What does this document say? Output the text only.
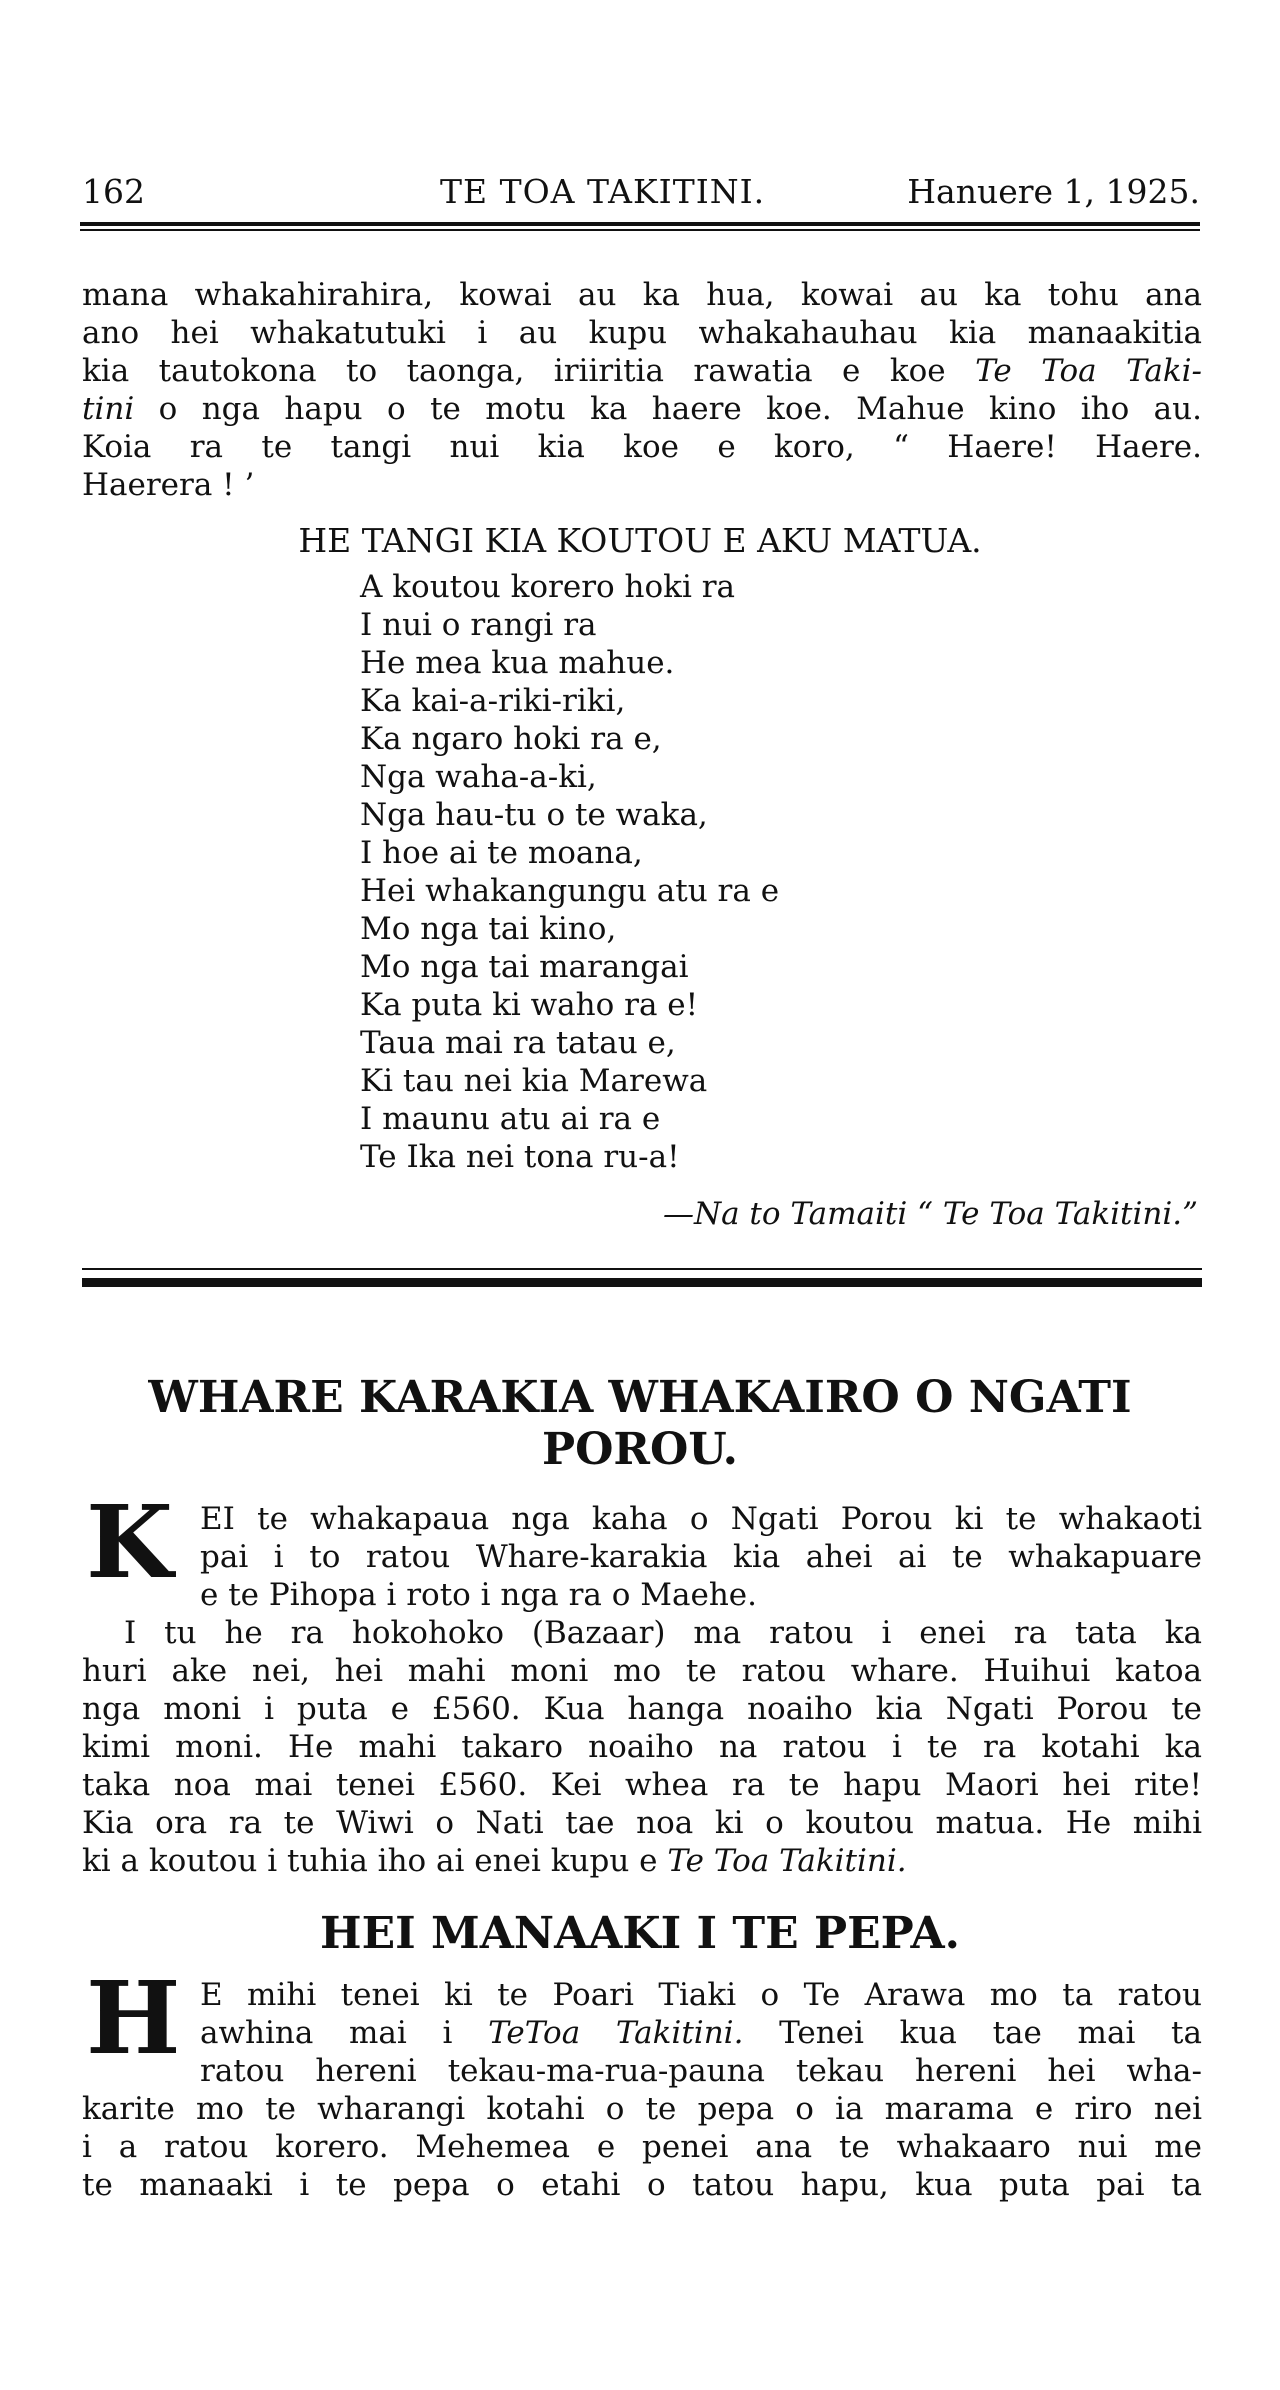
162	TE TOA TAKITINI.	Hanuere 1, 1925.
mana whakahirahira, kowai au ka hua, kowai au ka tohu ana
ano hei whakatutuki i au kupu whakahauhau kia manaakitia
kia tautokona to taonga, iriiritia rawatia e koe Te Toa Taki-
tini o nga hapu o te motu ka haere koe. Mahue kino iho au.
Koia ra te tangi nui kia koe e koro, “ Haere! Haere.
Haerera ! ’
HE TANGI KIA KOUTOU E AKU MATUA.
A koutou korero hoki ra
I nui o rangi ra
He mea kua mahue.
Ka kai-a-riki-riki,
Ka ngaro hoki ra e,
Nga waha-a-ki,
Nga hau-tu o te waka,
I hoe ai te moana,
Hei whakangungu atu ra e
Mo nga tai kino,
Mo nga tai marangai
Ka puta ki waho ra e!
Taua mai ra tatau e,
Ki tau nei kia Marewa
I maunu atu ai ra e
Te Ika nei tona ru-a!
—Na to Tamaiti “ Te Toa Takitini.”
WHARE KARAKIA WHAKAIRO O NGATI
POROU.
K EI te whakapaua nga kaha o Ngati Porou ki te whakaoti
pai i to ratou Whare-karakia kia ahei ai te whakapuare
e te Pihopa i roto i nga ra o Maehe.
I tu he ra hokohoko (Bazaar) ma ratou i enei ra tata ka
huri ake nei, hei mahi moni mo te ratou whare. Huihui katoa
nga moni i puta e £560. Kua hanga noaiho kia Ngati Porou te
kimi moni. He mahi takaro noaiho na ratou i te ra kotahi ka
taka noa mai tenei £560. Kei whea ra te hapu Maori hei rite!
Kia ora ra te Wiwi o Nati tae noa ki o koutou matua. He mihi
ki a koutou i tuhia iho ai enei kupu e Te Toa Takitini.
HEI MANAAKI I TE PEPA.
H E mihi tenei ki te Poari Tiaki o Te Arawa mo ta ratou
awhina mai i TeToa Takitini. Tenei kua tae mai ta
ratou hereni tekau-ma-rua-pauna tekau hereni hei wha-
karite mo te wharangi kotahi o te pepa o ia marama e riro nei
i a ratou korero. Mehemea e penei ana te whakaaro nui me
te manaaki i te pepa o etahi o tatou hapu, kua puta pai ta
